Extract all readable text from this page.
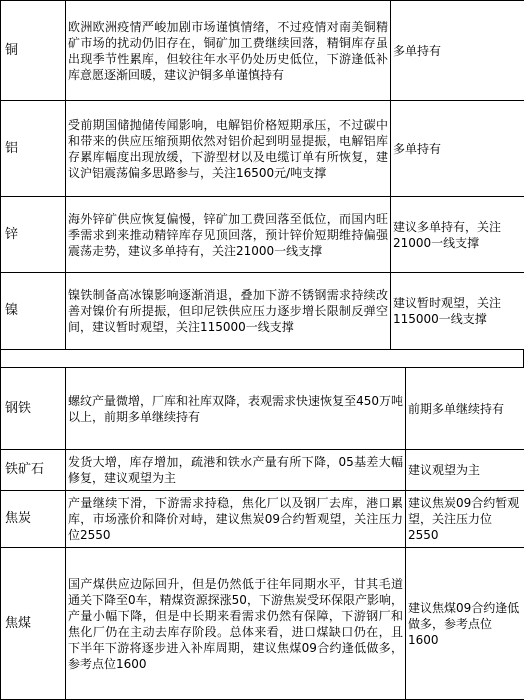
铜	欧洲欧洲疫情严峻加剧市场谨慎情绪，不过疫情对南美铜精矿市场的扰动仍旧存在，铜矿加工费继续回落，精铜库存虽出现季节性累库，但较往年水平仍处历史低位，下游逢低补库意愿逐渐回暖，建议沪铜多单谨慎持有	多单持有
铝	受前期国储抛储传闻影响，电解铝价格短期承压，不过碳中和带来的供应压缩预期依然对铝价起到明显提振，电解铝库存累库幅度出现放缓，下游型材以及电缆订单有所恢复，建议沪铝震荡偏多思路参与，关注16500元/吨支撑	多单持有
锌	海外锌矿供应恢复偏慢，锌矿加工费回落至低位，而国内旺季需求到来推动精锌库存见顶回落，预计锌价短期维持偏强震荡走势，建议多单持有，关注21000一线支撑	建议多单持有，关注21000一线支撑
镍	镍铁制备高冰镍影响逐渐消退，叠加下游不锈钢需求持续改善对镍价有所提振，但印尼铁供应压力逐步增长限制反弹空间，建议暂时观望，关注115000一线支撑	建议暂时观望，关注115000一线支撑
钢铁	螺纹产量微增，厂库和社库双降，表观需求快速恢复至450万吨以上，前期多单继续持有	前期多单继续持有
铁矿石	发货大增，库存增加，疏港和铁水产量有所下降，05基差大幅修复，建议观望为主	建议观望为主
焦炭	产量继续下滑，下游需求持稳，焦化厂以及钢厂去库，港口累库，市场涨价和降价对峙，建议焦炭09合约暂观望，关注压力位2550	建议焦炭09合约暂观望，关注压力位2550
焦煤	国产煤供应边际回升，但是仍然低于往年同期水平，甘其毛道通关下降至0车，精煤资源探涨50，下游焦炭受环保限产影响，产量小幅下降，但是中长期来看需求仍然有保障，下游钢厂和焦化厂仍在主动去库存阶段。总体来看，进口煤缺口仍在，且下半年下游将逐步进入补库周期，建议焦煤09合约逢低做多，参考点位1600	建议焦煤09合约逢低做多，参考点位1600
